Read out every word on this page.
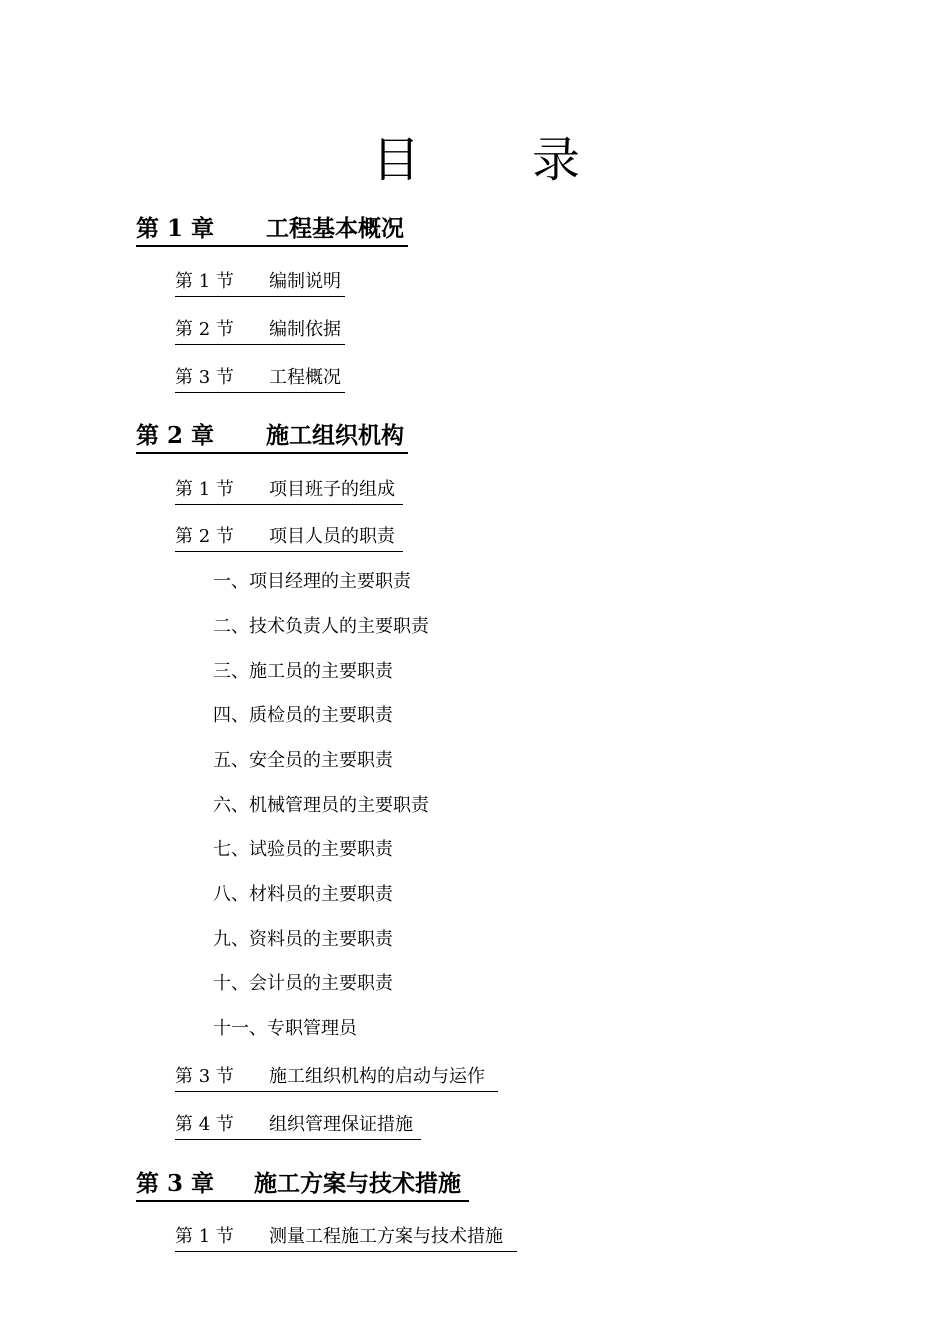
目 录
第 1 章 工程基本概况
第 1 节 编制说明
第 2 节 编制依据
第 3 节 工程概况
第 2 章 施工组织机构
第 1 节 项目班子的组成
第 2 节 项目人员的职责
一、项目经理的主要职责
二、技术负责人的主要职责
三、施工员的主要职责
四、质检员的主要职责
五、安全员的主要职责
六、机械管理员的主要职责
七、试验员的主要职责
八、材料员的主要职责
九、资料员的主要职责
十、会计员的主要职责
十一、专职管理员
第 3 节 施工组织机构的启动与运作
第 4 节 组织管理保证措施
第 3 章 施工方案与技术措施
第 1 节 测量工程施工方案与技术措施
